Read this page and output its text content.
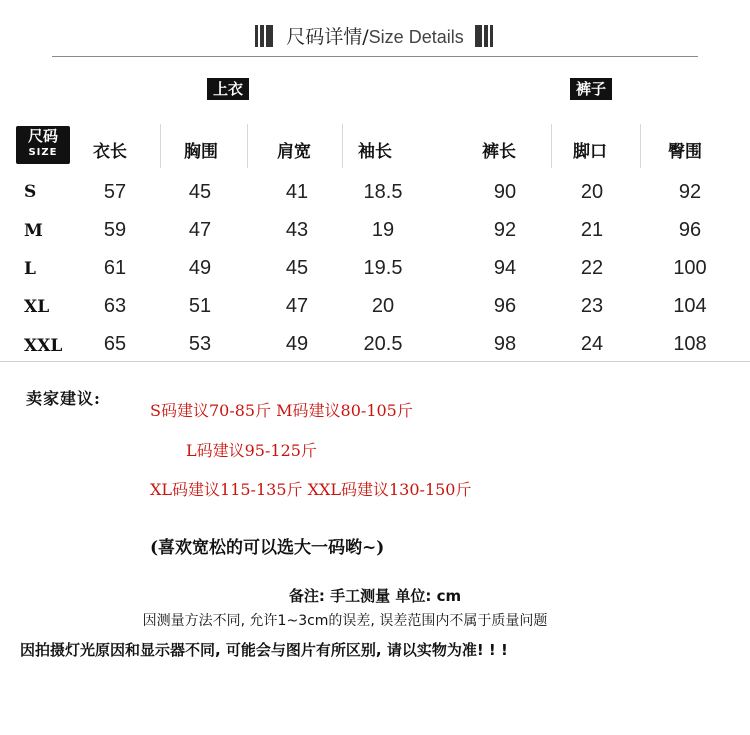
尺码详情/Size Details
上衣	裤子
尺码
SIZE	衣长	胸围	肩宽	袖长	裤长	脚口	臀围
S	57	45	41	18.5	90	20	92
M	59	47	43	19	92	21	96
L	61	49	45	19.5	94	22	100
XL	63	51	47	20	96	23	104
XXL	65	53	49	20.5	98	24	108
卖家建议:
S码建议70-85斤 M码建议80-105斤
L码建议95-125斤
XL码建议115-135斤 XXL码建议130-150斤
(喜欢宽松的可以选大一码哟~)
备注: 手工测量 单位: cm
因测量方法不同, 允许1~3cm的误差, 误差范围内不属于质量问题
因拍摄灯光原因和显示器不同, 可能会与图片有所区别, 请以实物为准! ! !
